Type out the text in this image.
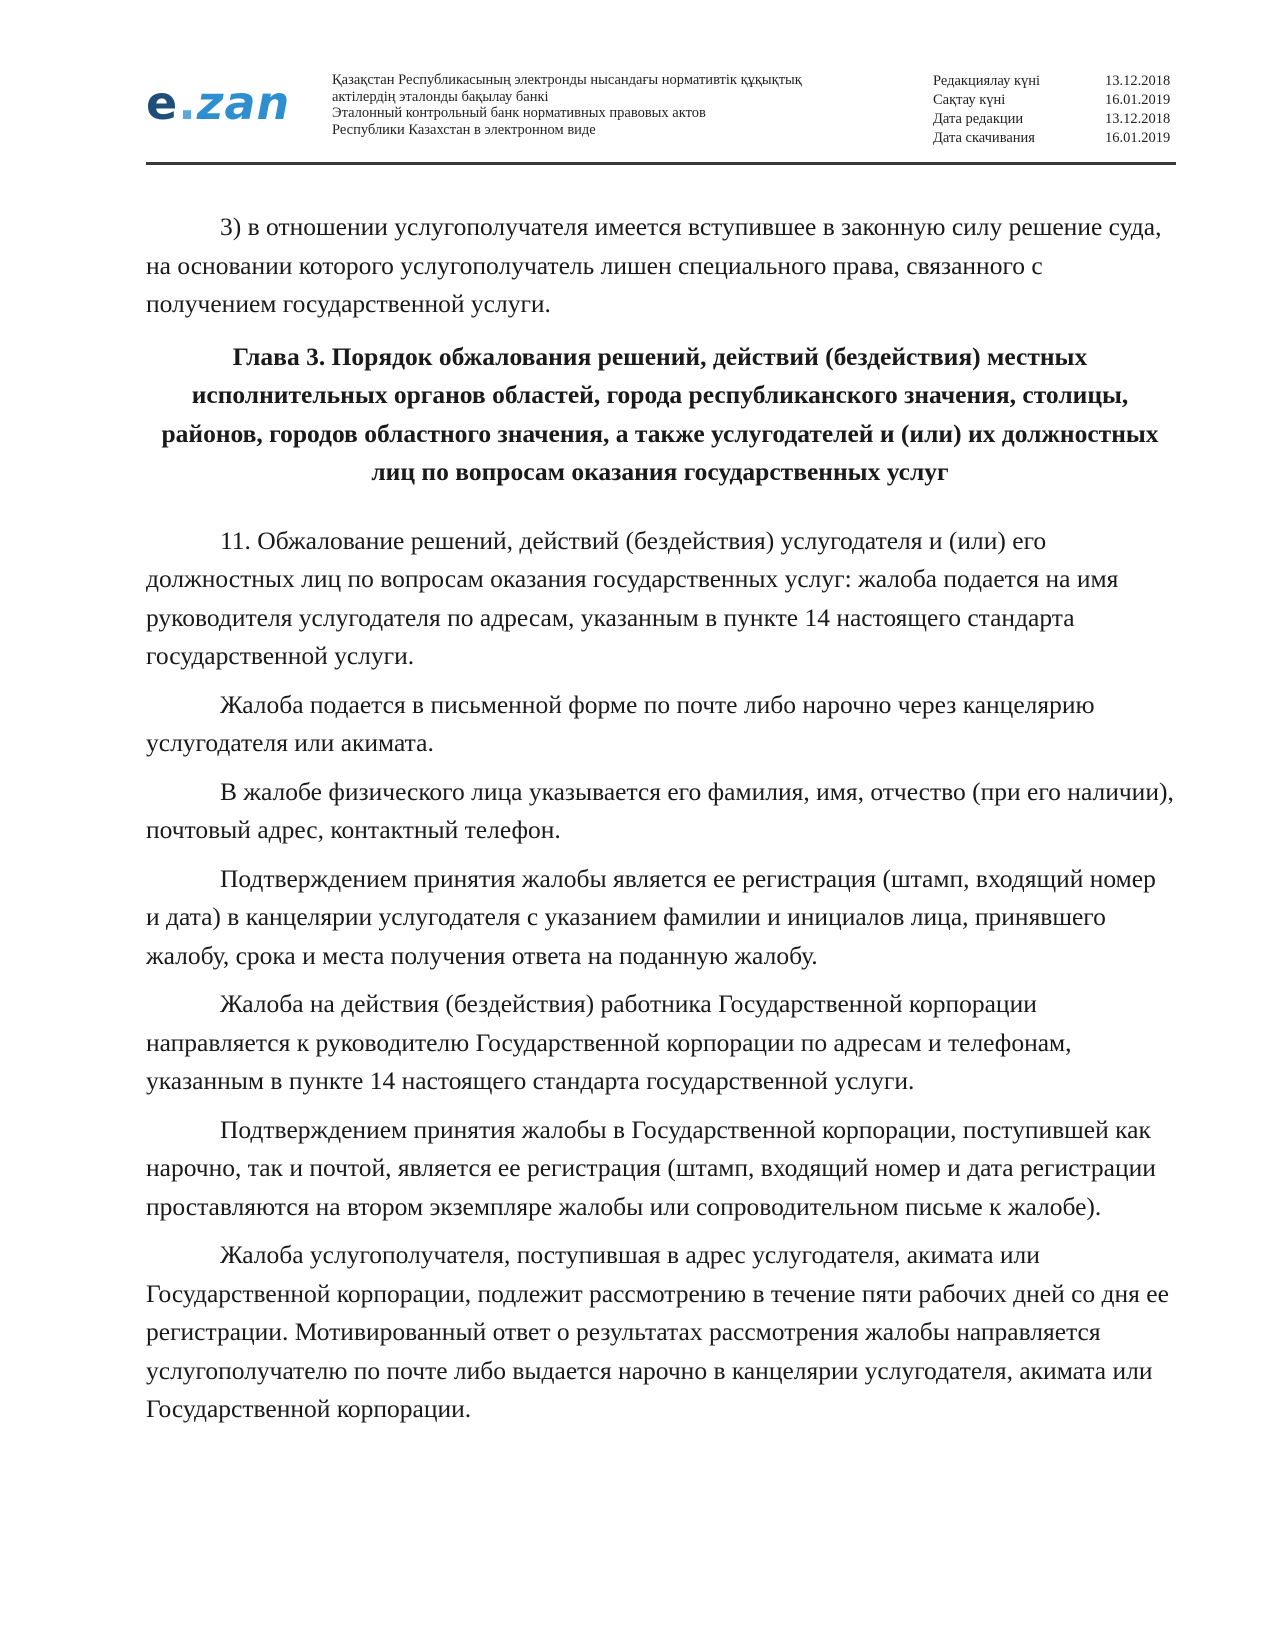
e.zan	Қазақстан Республикасының электронды нысандағы нормативтік құқықтық
актілердің эталонды бақылау банкі
Эталонный контрольный банк нормативных правовых актов
Республики Казахстан в электронном виде
Редакциялау күні	13.12.2018
Сақтау күні	16.01.2019
Дата редакции	13.12.2018
Дата скачивания	16.01.2019

3) в отношении услугополучателя имеется вступившее в законную силу решение суда, на основании которого услугополучатель лишен специального права, связанного с получением государственной услуги.

Глава 3. Порядок обжалования решений, действий (бездействия) местных исполнительных органов областей, города республиканского значения, столицы, районов, городов областного значения, а также услугодателей и (или) их должностных лиц по вопросам оказания государственных услуг

11. Обжалование решений, действий (бездействия) услугодателя и (или) его должностных лиц по вопросам оказания государственных услуг: жалоба подается на имя руководителя услугодателя по адресам, указанным в пункте 14 настоящего стандарта государственной услуги.

Жалоба подается в письменной форме по почте либо нарочно через канцелярию услугодателя или акимата.

В жалобе физического лица указывается его фамилия, имя, отчество (при его наличии), почтовый адрес, контактный телефон.

Подтверждением принятия жалобы является ее регистрация (штамп, входящий номер и дата) в канцелярии услугодателя с указанием фамилии и инициалов лица, принявшего жалобу, срока и места получения ответа на поданную жалобу.

Жалоба на действия (бездействия) работника Государственной корпорации направляется к руководителю Государственной корпорации по адресам и телефонам, указанным в пункте 14 настоящего стандарта государственной услуги.

Подтверждением принятия жалобы в Государственной корпорации, поступившей как нарочно, так и почтой, является ее регистрация (штамп, входящий номер и дата регистрации проставляются на втором экземпляре жалобы или сопроводительном письме к жалобе).

Жалоба услугополучателя, поступившая в адрес услугодателя, акимата или Государственной корпорации, подлежит рассмотрению в течение пяти рабочих дней со дня ее регистрации. Мотивированный ответ о результатах рассмотрения жалобы направляется услугополучателю по почте либо выдается нарочно в канцелярии услугодателя, акимата или Государственной корпорации.
